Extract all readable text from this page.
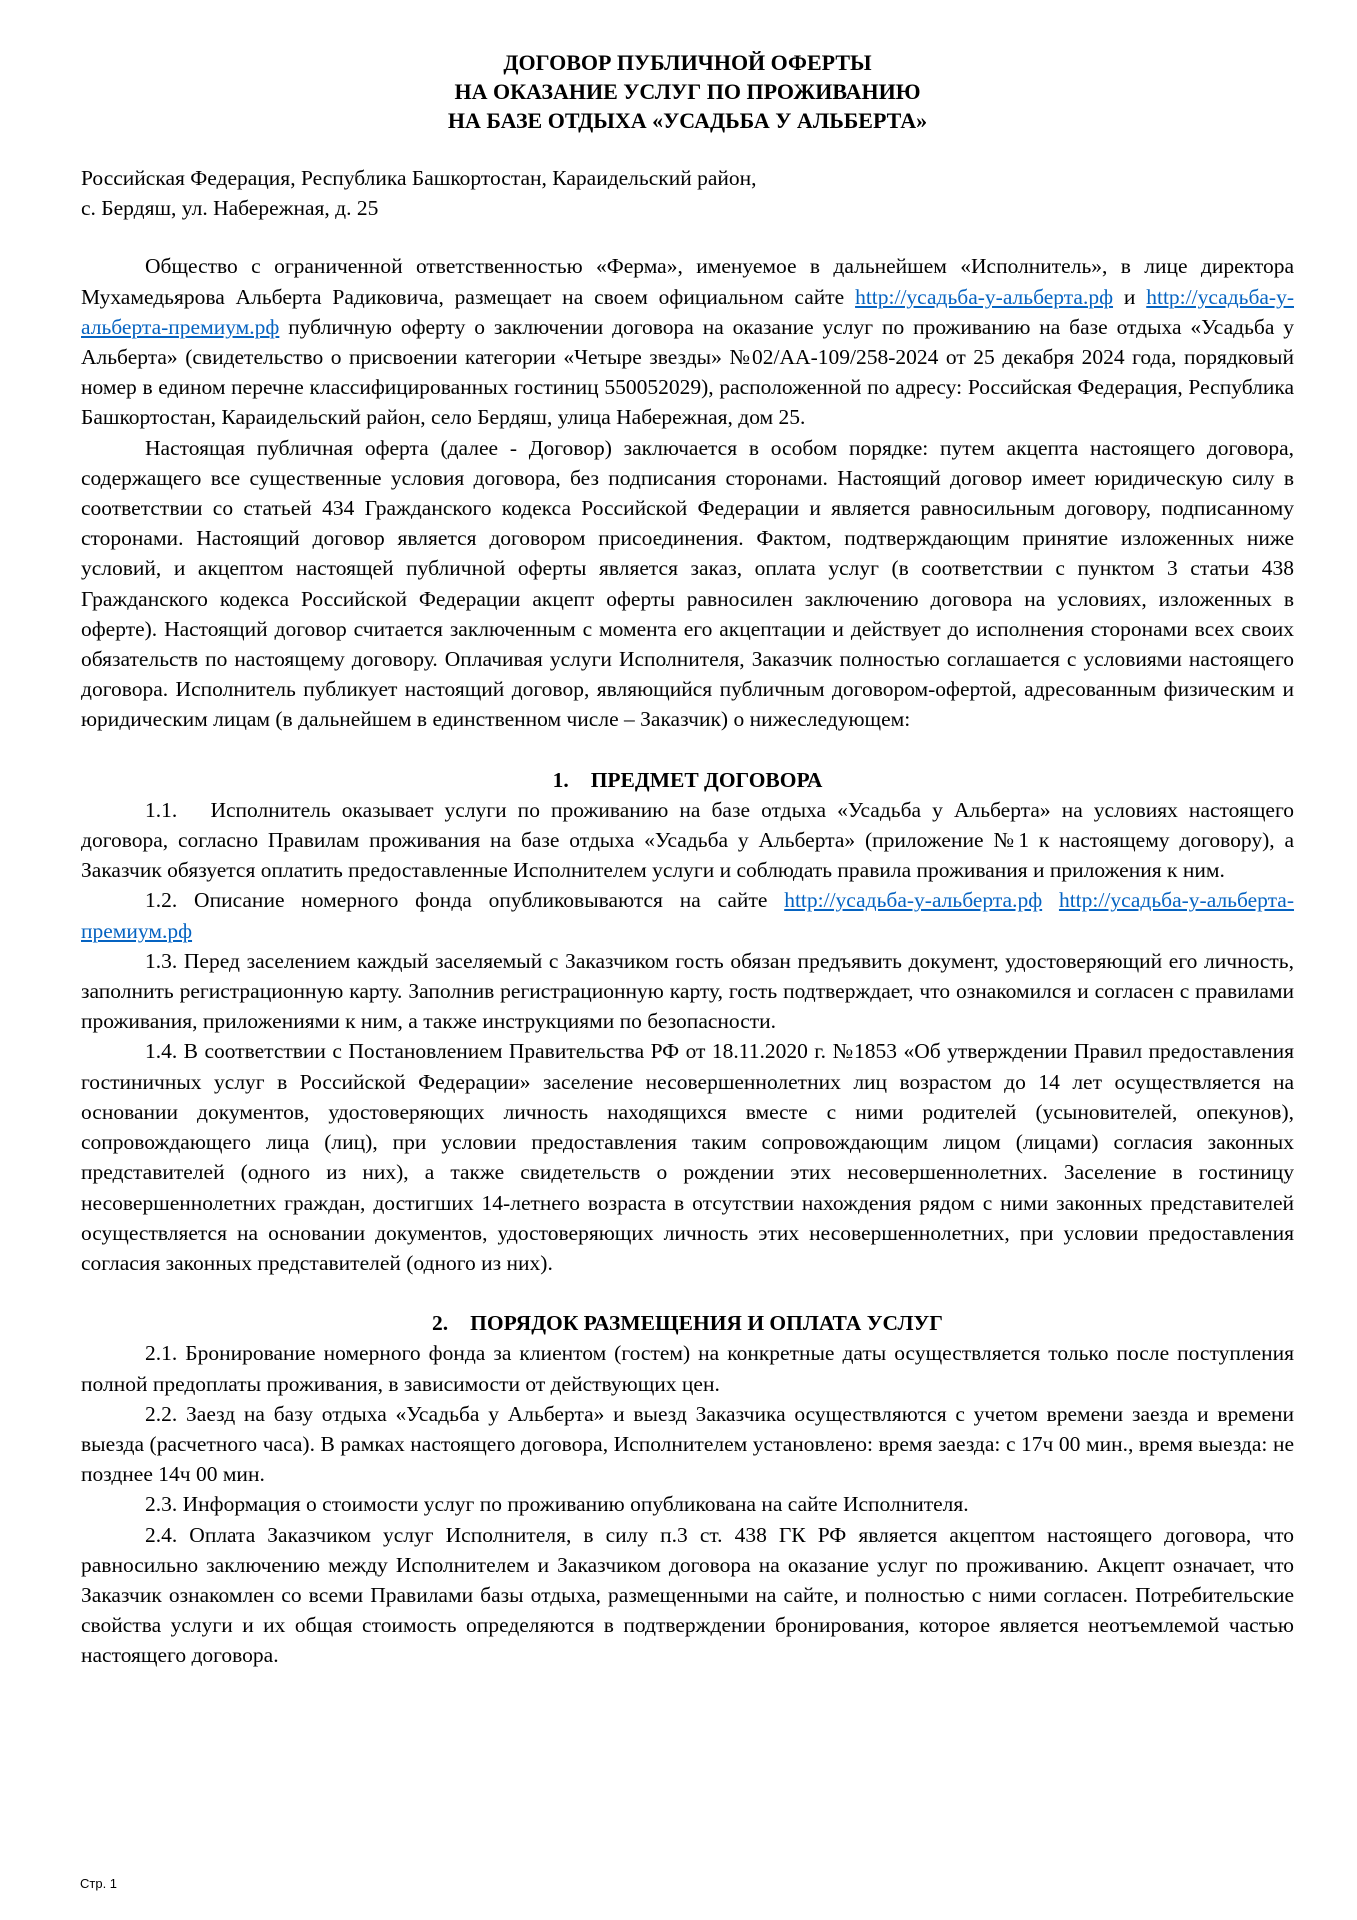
ДОГОВОР ПУБЛИЧНОЙ ОФЕРТЫ
НА ОКАЗАНИЕ УСЛУГ ПО ПРОЖИВАНИЮ
НА БАЗЕ ОТДЫХА «УСАДЬБА У АЛЬБЕРТА»
Российская Федерация, Республика Башкортостан, Караидельский район,
с. Бердяш, ул. Набережная, д. 25

Общество с ограниченной ответственностью «Ферма», именуемое в дальнейшем «Исполнитель», в лице директора Мухамедьярова Альберта Радиковича, размещает на своем официальном сайте http://усадьба-у-альберта.рф и http://усадьба-у-альберта-премиум.рф публичную оферту о заключении договора на оказание услуг по проживанию на базе отдыха «Усадьба у Альберта» (свидетельство о присвоении категории «Четыре звезды» №02/АА-109/258-2024 от 25 декабря 2024 года, порядковый номер в едином перечне классифицированных гостиниц 550052029), расположенной по адресу: Российская Федерация, Республика Башкортостан, Караидельский район, село Бердяш, улица Набережная, дом 25.

Настоящая публичная оферта (далее - Договор) заключается в особом порядке: путем акцепта настоящего договора, содержащего все существенные условия договора, без подписания сторонами. Настоящий договор имеет юридическую силу в соответствии со статьей 434 Гражданского кодекса Российской Федерации и является равносильным договору, подписанному сторонами. Настоящий договор является договором присоединения. Фактом, подтверждающим принятие изложенных ниже условий, и акцептом настоящей публичной оферты является заказ, оплата услуг (в соответствии с пунктом 3 статьи 438 Гражданского кодекса Российской Федерации акцепт оферты равносилен заключению договора на условиях, изложенных в оферте). Настоящий договор считается заключенным с момента его акцептации и действует до исполнения сторонами всех своих обязательств по настоящему договору. Оплачивая услуги Исполнителя, Заказчик полностью соглашается с условиями настоящего договора. Исполнитель публикует настоящий договор, являющийся публичным договором-офертой, адресованным физическим и юридическим лицам (в дальнейшем в единственном числе – Заказчик) о нижеследующем:

1. ПРЕДМЕТ ДОГОВОРА

1.1.   Исполнитель оказывает услуги по проживанию на базе отдыха «Усадьба у Альберта» на условиях настоящего договора, согласно Правилам проживания на базе отдыха «Усадьба у Альберта» (приложение №1 к настоящему договору), а Заказчик обязуется оплатить предоставленные Исполнителем услуги и соблюдать правила проживания и приложения к ним.

1.2. Описание номерного фонда опубликовываются на сайте http://усадьба-у-альберта.рф http://усадьба-у-альберта-премиум.рф

1.3. Перед заселением каждый заселяемый с Заказчиком гость обязан предъявить документ, удостоверяющий его личность, заполнить регистрационную карту. Заполнив регистрационную карту, гость подтверждает, что ознакомился и согласен с правилами проживания, приложениями к ним, а также инструкциями по безопасности.

1.4. В соответствии с Постановлением Правительства РФ от 18.11.2020 г. №1853 «Об утверждении Правил предоставления гостиничных услуг в Российской Федерации» заселение несовершеннолетних лиц возрастом до 14 лет осуществляется на основании документов, удостоверяющих личность находящихся вместе с ними родителей (усыновителей, опекунов), сопровождающего лица (лиц), при условии предоставления таким сопровождающим лицом (лицами) согласия законных представителей (одного из них), а также свидетельств о рождении этих несовершеннолетних. Заселение в гостиницу несовершеннолетних граждан, достигших 14-летнего возраста в отсутствии нахождения рядом с ними законных представителей осуществляется на основании документов, удостоверяющих личность этих несовершеннолетних, при условии предоставления согласия законных представителей (одного из них).

2. ПОРЯДОК РАЗМЕЩЕНИЯ И ОПЛАТА УСЛУГ

2.1. Бронирование номерного фонда за клиентом (гостем) на конкретные даты осуществляется только после поступления полной предоплаты проживания, в зависимости от действующих цен.

2.2. Заезд на базу отдыха «Усадьба у Альберта» и выезд Заказчика осуществляются с учетом времени заезда и времени выезда (расчетного часа). В рамках настоящего договора, Исполнителем установлено: время заезда: с 17ч 00 мин., время выезда: не позднее 14ч 00 мин.

2.3. Информация о стоимости услуг по проживанию опубликована на сайте Исполнителя.

2.4. Оплата Заказчиком услуг Исполнителя, в силу п.3 ст. 438 ГК РФ является акцептом настоящего договора, что равносильно заключению между Исполнителем и Заказчиком договора на оказание услуг по проживанию. Акцепт означает, что Заказчик ознакомлен со всеми Правилами базы отдыха, размещенными на сайте, и полностью с ними согласен. Потребительские свойства услуги и их общая стоимость определяются в подтверждении бронирования, которое является неотъемлемой частью настоящего договора.

Стр. 1
